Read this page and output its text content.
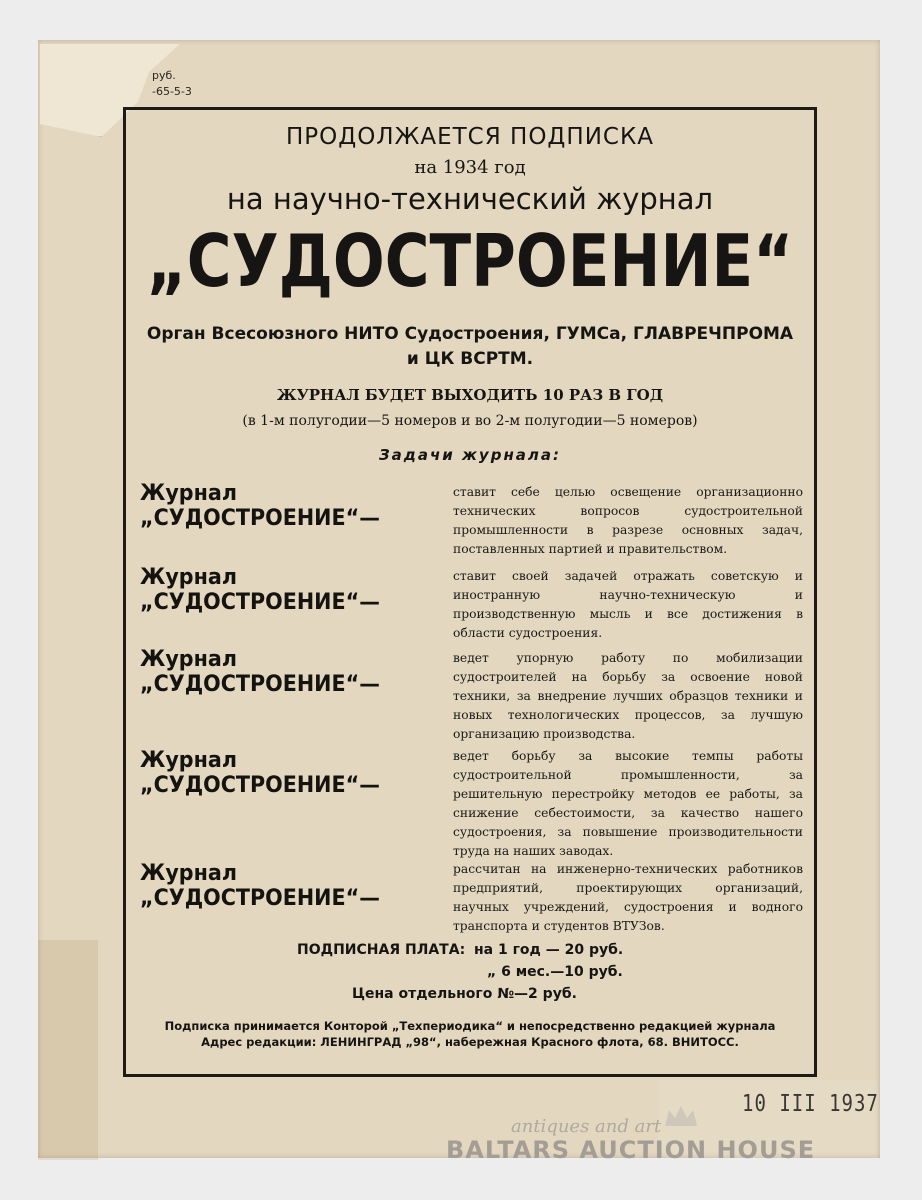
руб.
-65-5-3
ПРОДОЛЖАЕТСЯ ПОДПИСКА
на 1934 год
на научно-технический журнал
„СУДОСТРОЕНИЕ“
Орган Всесоюзного НИТО Судостроения, ГУМСа, ГЛАВРЕЧПРОМА
и ЦК ВСРТМ.
ЖУРНАЛ БУДЕТ ВЫХОДИТЬ 10 РАЗ В ГОД
(в 1-м полугодии—5 номеров и во 2-м полугодии—5 номеров)
Задачи журнала:
Журнал „СУДОСТРОЕНИЕ“—
ставит себе целью освещение организационно технических вопросов судостроительной промышленности в разрезе основных задач, поставленных партией и правительством.
Журнал „СУДОСТРОЕНИЕ“—
ставит своей задачей отражать советскую и иностранную научно-техническую и производственную мысль и все достижения в области судостроения.
Журнал „СУДОСТРОЕНИЕ“—
ведет упорную работу по мобилизации судостроителей на борьбу за освоение новой техники, за внедрение лучших образцов техники и новых технологических процессов, за лучшую организацию производства.
Журнал „СУДОСТРОЕНИЕ“—
ведет борьбу за высокие темпы работы судостроительной промышленности, за решительную перестройку методов ее работы, за снижение себестоимости, за качество нашего судостроения, за повышение производительности труда на наших заводах.
Журнал „СУДОСТРОЕНИЕ“—
рассчитан на инженерно-технических работников предприятий, проектирующих организаций, научных учреждений, судостроения и водного транспорта и студентов ВТУЗов.
ПОДПИСНАЯ ПЛАТА: на 1 год — 20 руб.
„ 6 мес.—10 руб.
Цена отдельного №—2 руб.
Подписка принимается Конторой „Техпериодика“ и непосредственно редакцией журнала
Адрес редакции: ЛЕНИНГРАД „98“, набережная Красного флота, 68. ВНИТОСС.
10 III 1937
antiques and art
BALTARS AUCTION HOUSE
